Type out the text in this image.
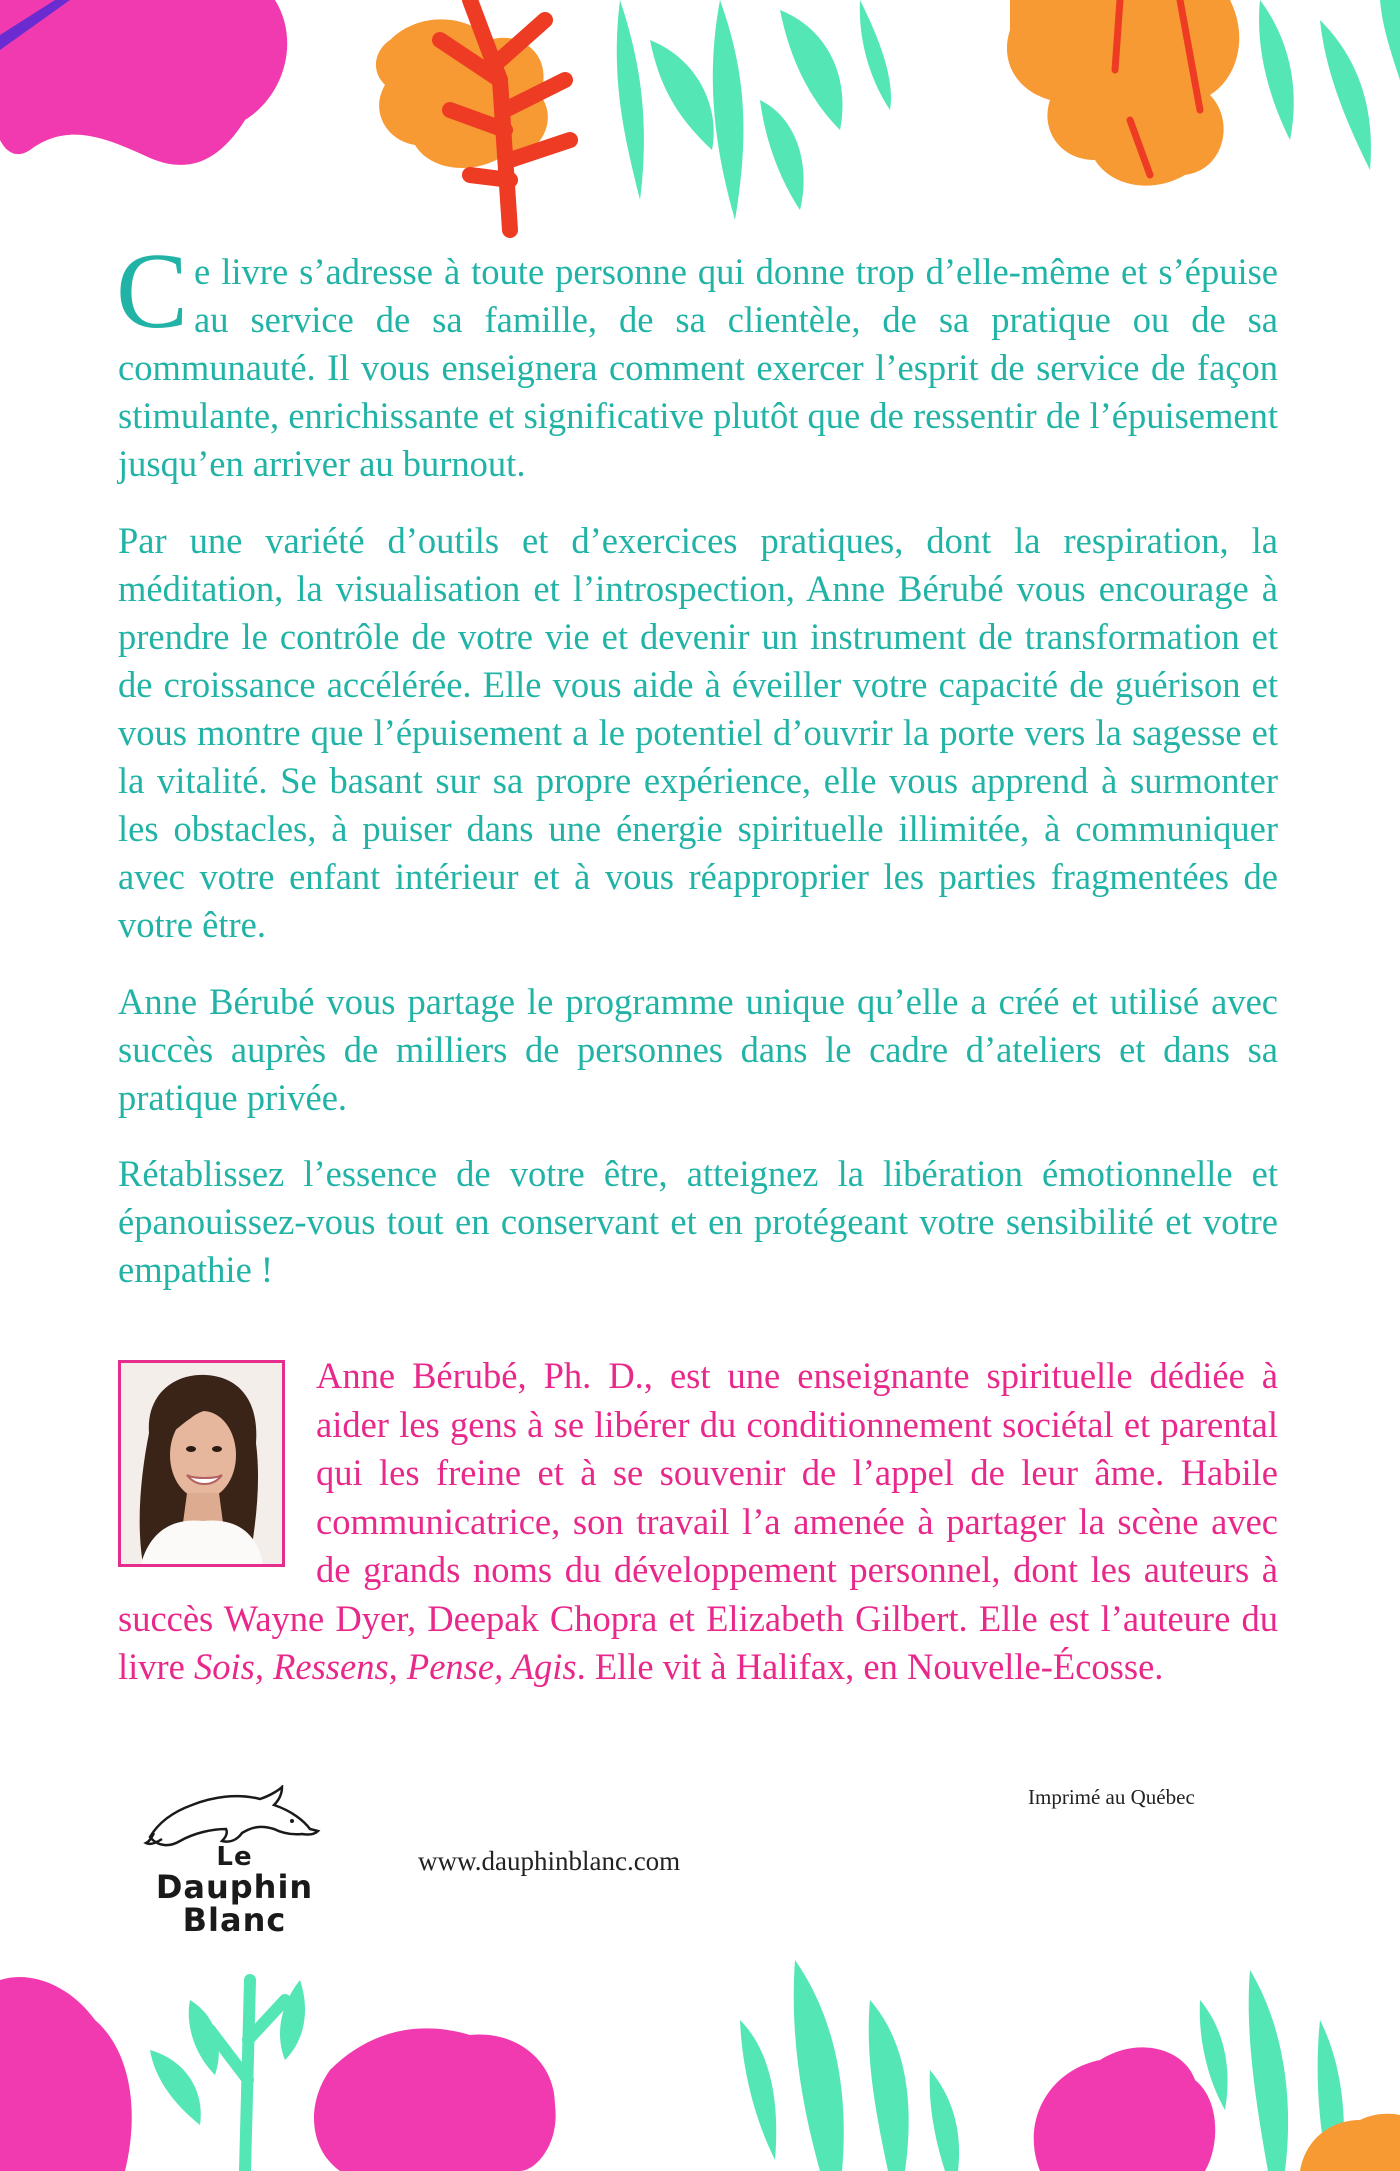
Ce livre s’adresse à toute personne qui donne trop d’elle-même et s’épuise au service de sa famille, de sa clientèle, de sa pratique ou de sa communauté. Il vous enseignera comment exercer l’esprit de service de façon stimulante, enrichissante et significative plutôt que de ressentir de l’épuisement jusqu’en arriver au burnout.

Par une variété d’outils et d’exercices pratiques, dont la respiration, la méditation, la visualisation et l’introspection, Anne Bérubé vous encourage à prendre le contrôle de votre vie et devenir un instrument de transformation et de croissance accélérée. Elle vous aide à éveiller votre capacité de guérison et vous montre que l’épuisement a le potentiel d’ouvrir la porte vers la sagesse et la vitalité. Se basant sur sa propre expérience, elle vous apprend à surmonter les obstacles, à puiser dans une énergie spirituelle illimitée, à communiquer avec votre enfant intérieur et à vous réapproprier les parties fragmentées de votre être.

Anne Bérubé vous partage le programme unique qu’elle a créé et utilisé avec succès auprès de milliers de personnes dans le cadre d’ateliers et dans sa pratique privée.

Rétablissez l’essence de votre être, atteignez la libération émotionnelle et épanouissez-vous tout en conservant et en protégeant votre sensibilité et votre empathie !

Anne Bérubé, Ph. D., est une enseignante spirituelle dédiée à aider les gens à se libérer du conditionnement sociétal et parental qui les freine et à se souvenir de l’appel de leur âme. Habile communicatrice, son travail l’a amenée à partager la scène avec de grands noms du développement personnel, dont les auteurs à succès Wayne Dyer, Deepak Chopra et Elizabeth Gilbert. Elle est l’auteure du livre Sois, Ressens, Pense, Agis. Elle vit à Halifax, en Nouvelle-Écosse.

Imprimé au Québec
www.dauphinblanc.com
Le
Dauphin
Blanc
